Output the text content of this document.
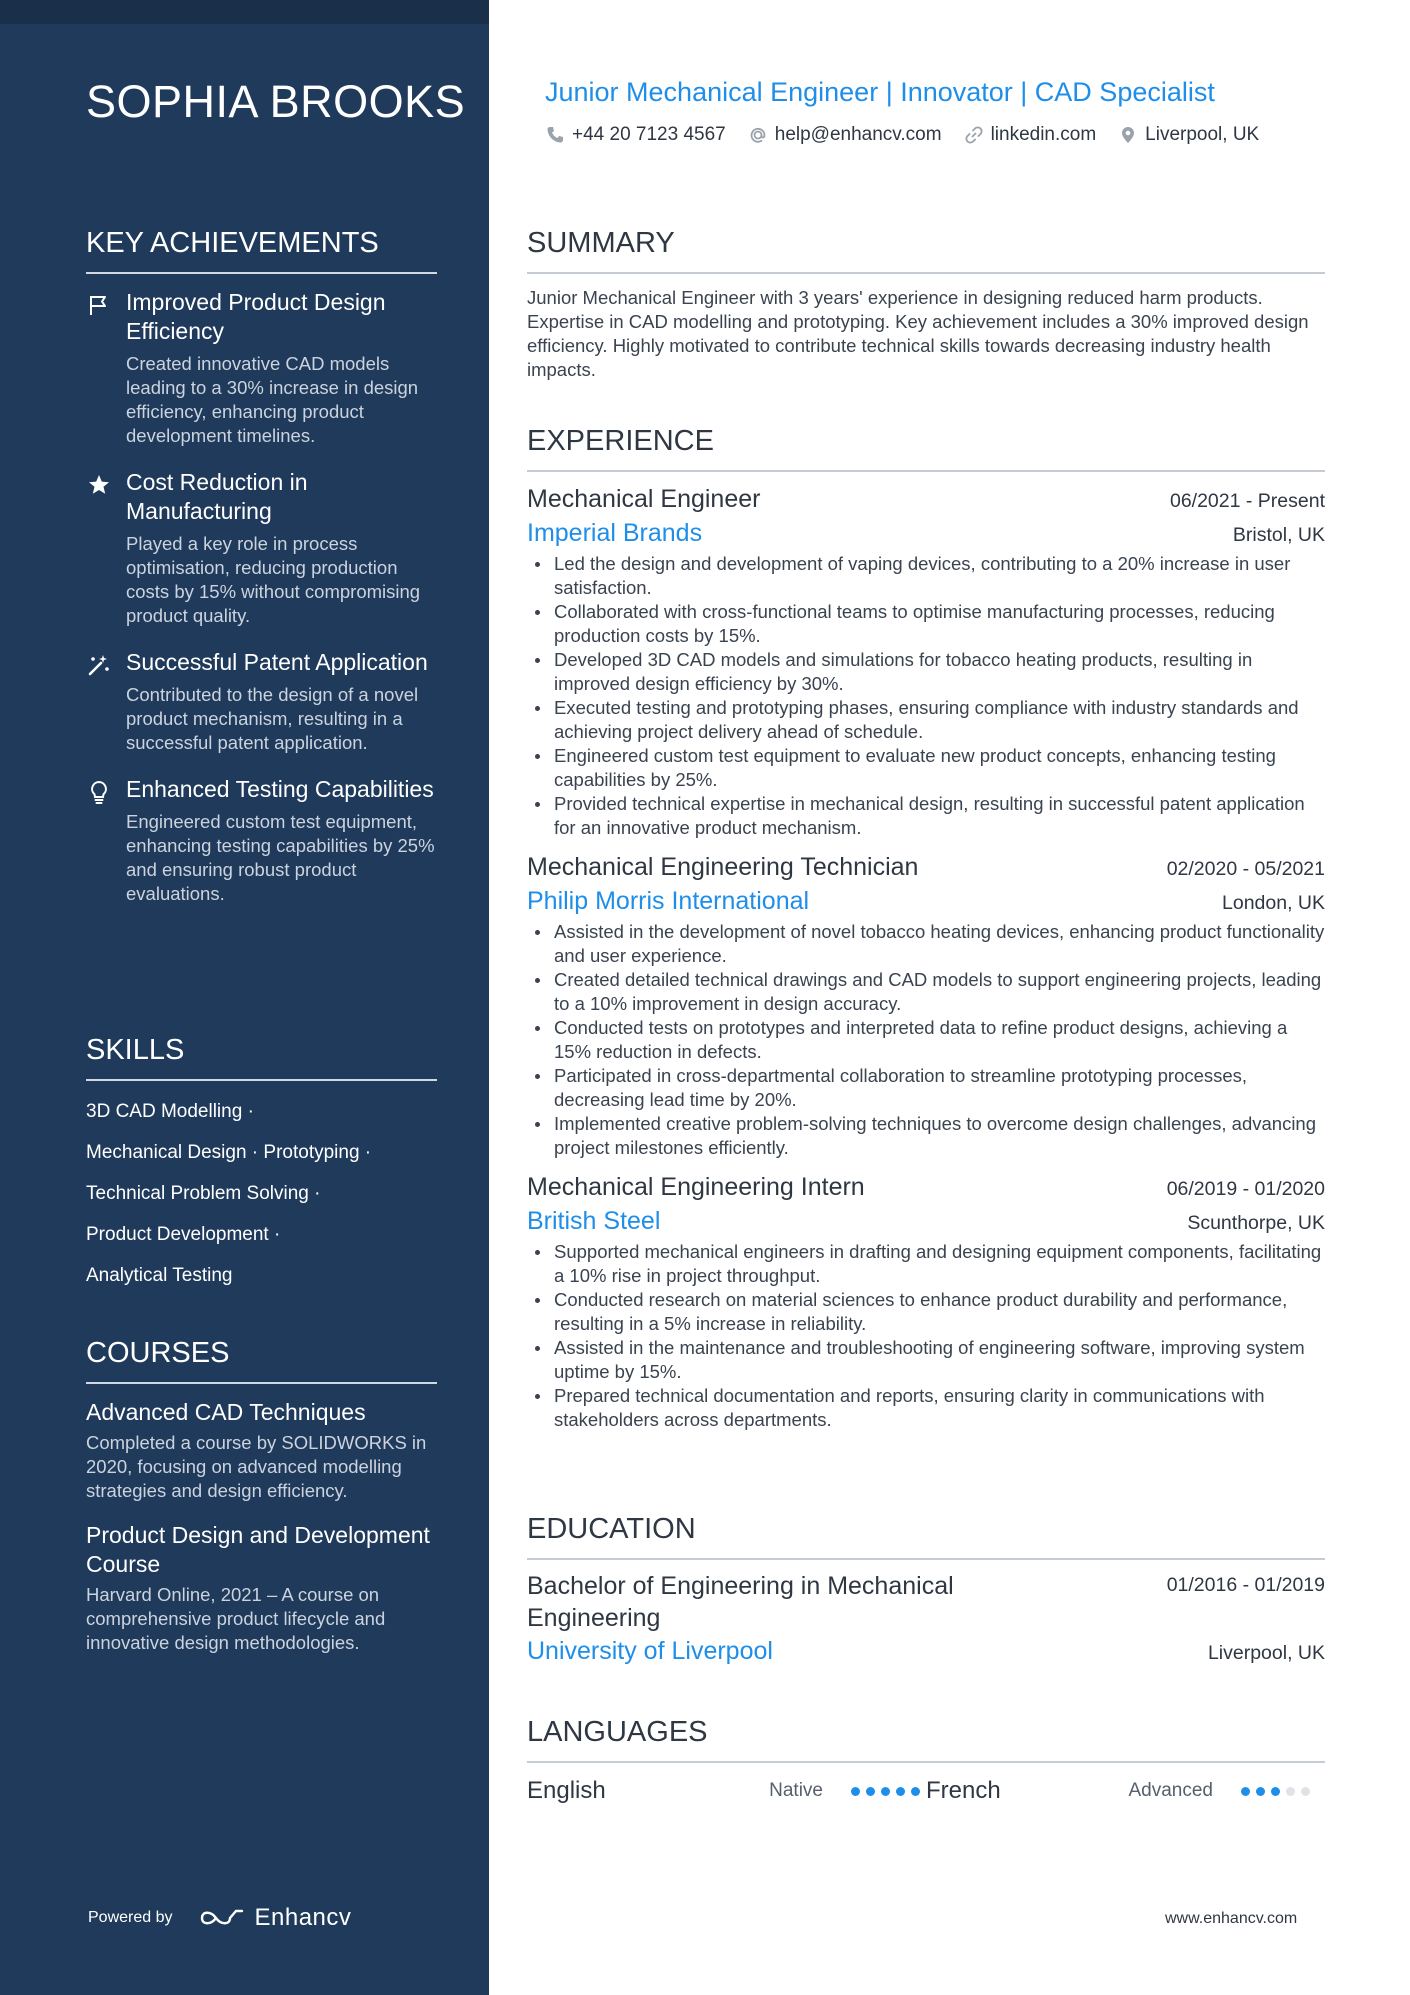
SOPHIA BROOKS
KEY ACHIEVEMENTS
Improved Product Design Efficiency
Created innovative CAD models leading to a 30% increase in design efficiency, enhancing product development timelines.
Cost Reduction in Manufacturing
Played a key role in process optimisation, reducing production costs by 15% without compromising product quality.
Successful Patent Application
Contributed to the design of a novel product mechanism, resulting in a successful patent application.
Enhanced Testing Capabilities
Engineered custom test equipment, enhancing testing capabilities by 25% and ensuring robust product evaluations.
SKILLS
3D CAD Modelling ·
Mechanical Design · Prototyping ·
Technical Problem Solving ·
Product Development ·
Analytical Testing
COURSES
Advanced CAD Techniques
Completed a course by SOLIDWORKS in 2020, focusing on advanced modelling strategies and design efficiency.
Product Design and Development Course
Harvard Online, 2021 – A course on comprehensive product lifecycle and innovative design methodologies.
Powered by	Enhancv
Junior Mechanical Engineer | Innovator | CAD Specialist
+44 20 7123 4567	help@enhancv.com	linkedin.com	Liverpool, UK
SUMMARY
Junior Mechanical Engineer with 3 years' experience in designing reduced harm products. Expertise in CAD modelling and prototyping. Key achievement includes a 30% improved design efficiency. Highly motivated to contribute technical skills towards decreasing industry health impacts.
EXPERIENCE
Mechanical Engineer	06/2021 - Present
Imperial Brands	Bristol, UK
Led the design and development of vaping devices, contributing to a 20% increase in user satisfaction.
Collaborated with cross-functional teams to optimise manufacturing processes, reducing production costs by 15%.
Developed 3D CAD models and simulations for tobacco heating products, resulting in improved design efficiency by 30%.
Executed testing and prototyping phases, ensuring compliance with industry standards and achieving project delivery ahead of schedule.
Engineered custom test equipment to evaluate new product concepts, enhancing testing capabilities by 25%.
Provided technical expertise in mechanical design, resulting in successful patent application for an innovative product mechanism.
Mechanical Engineering Technician	02/2020 - 05/2021
Philip Morris International	London, UK
Assisted in the development of novel tobacco heating devices, enhancing product functionality and user experience.
Created detailed technical drawings and CAD models to support engineering projects, leading to a 10% improvement in design accuracy.
Conducted tests on prototypes and interpreted data to refine product designs, achieving a 15% reduction in defects.
Participated in cross-departmental collaboration to streamline prototyping processes, decreasing lead time by 20%.
Implemented creative problem-solving techniques to overcome design challenges, advancing project milestones efficiently.
Mechanical Engineering Intern	06/2019 - 01/2020
British Steel	Scunthorpe, UK
Supported mechanical engineers in drafting and designing equipment components, facilitating a 10% rise in project throughput.
Conducted research on material sciences to enhance product durability and performance, resulting in a 5% increase in reliability.
Assisted in the maintenance and troubleshooting of engineering software, improving system uptime by 15%.
Prepared technical documentation and reports, ensuring clarity in communications with stakeholders across departments.
EDUCATION
Bachelor of Engineering in Mechanical Engineering
01/2016 - 01/2019
University of Liverpool	Liverpool, UK
LANGUAGES
English	Native	French	Advanced
www.enhancv.com
